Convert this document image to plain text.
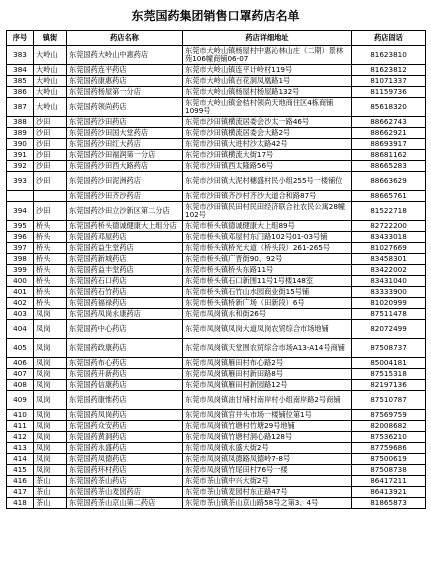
东莞国药集团销售口罩药店名单
序号	镇街	药店名称	药店详细地址	药店固话
383	大岭山	东莞国药大岭山中惠药店	东莞市大岭山镇杨屋村中惠沁林山庄（二期）景林苑106幢商铺06-07	81623810
384	大岭山	东莞国药连平药店	东莞市大岭山镇连平计岭村119号	81623812
385	大岭山	东莞国药康惠药店	东莞市大岭山镇百花洞凤凰路1号	81071337
386	大岭山	东莞国药杨屋第一分店	东莞市大岭山镇杨屋村杨屋路132号	81159736
387	大岭山	东莞国药领尚药店	东莞市大岭山镇金桔村领尚天地商住区4栋商铺1099号	85618320
388	沙田	东莞国药沙田药店	东莞市沙田镇横流居委会沙太一路46号	88662743
389	沙田	东莞国药沙田国大堂药店	东莞市沙田镇横流居委会大路2号	88662921
390	沙田	东莞国药沙田红大药店	东莞市沙田镇大进村沙太路42号	88693917
391	沙田	东莞国药沙田福润第一分店	东莞市沙田镇横流大街17号	88681162
392	沙田	东莞国药沙田西大路药店	东莞市沙田镇西太隆路56号	88665283
393	沙田	东莞国药沙田泥洲药店	东莞市沙田镇大泥村穗盛村民小组255号一楼铺位	88663629
		东莞国药沙田齐沙药店	东莞市沙田镇齐沙村齐沙大道合和路87号	88665761
394	沙田	东莞国药沙田立沙新区第二分店	东莞市沙田镇民田村民田经济联合社农民公寓28幢102号	81522718
395	桥头	东莞国药桥头德诚健康大上组分店	东莞市桥头镇德诚健康大上组89号	82722200
396	桥头	东莞国药邓屋药店	东莞市桥头镇邓屋村东门路102号01-03号铺	83433018
397	桥头	东莞国药益生堂药店	东莞市桥头镇桥光大道（桥头段）261-265号	81027669
398	桥头	东莞国药新城药店	东莞市桥头镇广晋街90、92号	83458301
399	桥头	东莞国药益丰堂药店	东莞市桥头镇桥头东路11号	83422002
400	桥头	东莞国药石口药店	东莞市桥头镇石口新围11号1号楼148室	83431040
401	桥头	东莞国药石竹药店	东莞市桥头镇石竹山水园商业街15号铺	83333900
402	桥头	东莞国药福禄药店	东莞市桥头镇桥新广场（田新段）6号	81020999
403	凤岗	东莞国药凤岗永康药店	东莞市凤岗镇永和街26号	87511478
404	凤岗	东莞国药中心药店	东莞市凤岗镇凤岗大道凤岗农贸综合市场地铺	82072499
405	凤岗	东莞国药政康药店	东莞市凤岗镇天堂围农贸综合市场A13-A14号商铺	87508737
406	凤岗	东莞国药布心药店	东莞市凤岗镇雁田村布心路2号	85004181
407	凤岗	东莞国药开新药店	东莞市凤岗镇雁田村新田路8号	87515318
408	凤岗	东莞国药信康药店	东莞市凤岗镇雁田村新园路12号	82197136
409	凤岗	东莞国药康惟药店	东莞市凤岗镇油甘埔村南岸村小组南岸路2号商铺	87510787
410	凤岗	东莞国药凤岗药店	东莞市凤岗镇官井头市场一楼铺位第1号	87569759
411	凤岗	东莞国药众安药店	东莞市凤岗镇竹塘村竹塘29号地铺	82008682
412	凤岗	东莞国药黄洞药店	东莞市凤岗镇竹塘村洞心路128号	87536210
413	凤岗	东莞国药永盛药店	东莞市凤岗镇永盛大街2号	87759686
414	凤岗	东莞国药凤德药店	东莞市凤岗镇凤德路凤德岭7-8号	87500619
415	凤岗	东莞国药环村药店	东莞市凤岗镇竹尾田村76号一楼	87508738
416	茶山	东莞国药茶山药店	东莞市茶山镇中兴大街2号	86417211
417	茶山	东莞国药茶山麦园药店	东莞市茶山镇麦园村东正路47号	86413921
418	茶山	东莞国药茶山京山第二药店	东莞市茶山镇茶山京山路58号之第3、4号	81865873
